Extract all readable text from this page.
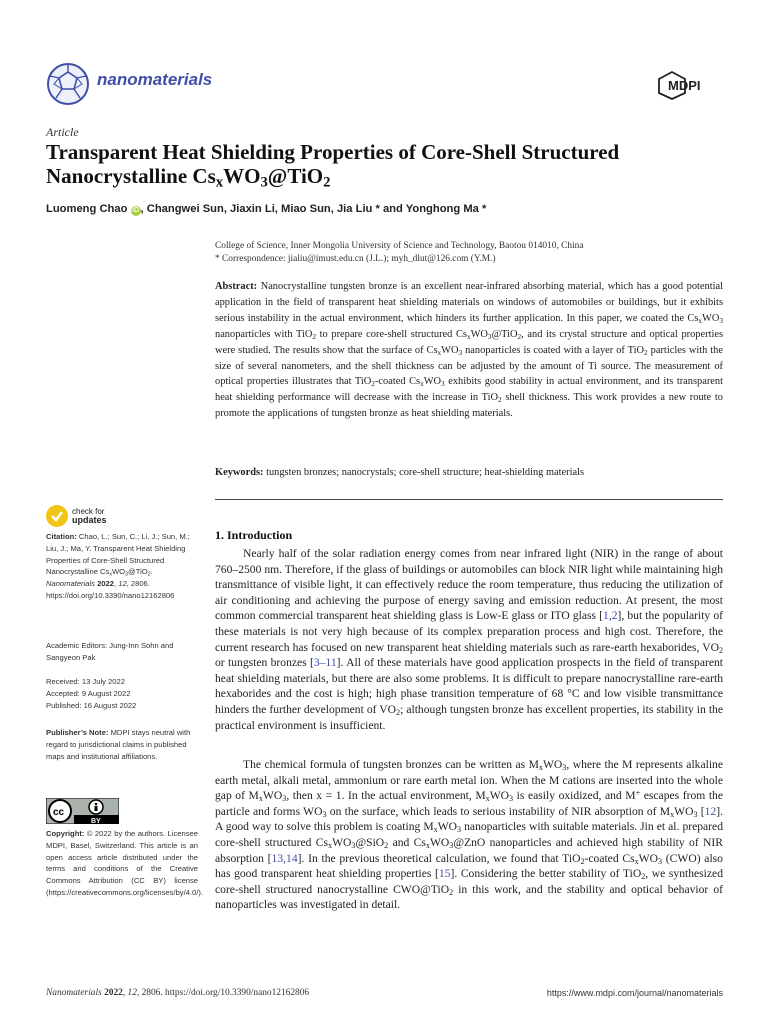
nanomaterials	MDPI
Article
Transparent Heat Shielding Properties of Core-Shell Structured
Nanocrystalline $Cs_xWO_3@TiO_2$
Luomeng Chao iD , Changwei Sun, Jiaxin Li, Miao Sun, Jia Liu * and Yonghong Ma *
College of Science, Inner Mongolia University of Science and Technology, Baotou 014010, China
* Correspondence: jialiu@imust.edu.cn (J.L.); myh_dlut@126.com (Y.M.)
Abstract: Nanocrystalline tungsten bronze is an excellent near-infrared absorbing material, which has a good potential application in the field of transparent heat shielding materials on windows of automobiles or buildings, but it exhibits serious instability in the actual environment, which hinders its further application. In this paper, we coated the $Cs_xWO_3$ nanoparticles with TiO$_2$ to prepare core-shell structured $Cs_xWO_3@TiO_2$, and its crystal structure and optical properties were studied. The results show that the surface of $Cs_xWO_3$ nanoparticles is coated with a layer of TiO$_2$ particles with the size of several nanometers, and the shell thickness can be adjusted by the amount of Ti source. The measurement of optical properties illustrates that TiO$_2$-coated $Cs_xWO_3$ exhibits good stability in actual environment, and its transparent heat shielding performance will decrease with the increase in TiO$_2$ shell thickness. This work provides a new route to promote the applications of tungsten bronze as heat shielding materials.
Keywords: tungsten bronzes; nanocrystals; core-shell structure; heat-shielding materials
check for
updates
Citation: Chao, L.; Sun, C.; Li, J.; Sun, M.; Liu, J.; Ma, Y. Transparent Heat Shielding Properties of Core-Shell Structured Nanocrystalline $Cs_xWO_3@TiO_2$. Nanomaterials 2022, 12, 2806. https://doi.org/10.3390/nano12162806
Academic Editors: Jung-Inn Sohn and Sangyeon Pak
Received: 13 July 2022
Accepted: 9 August 2022
Published: 16 August 2022
Publisher’s Note: MDPI stays neutral with regard to jurisdictional claims in published maps and institutional affiliations.
cc
BY
Copyright: © 2022 by the authors. Licensee MDPI, Basel, Switzerland. This article is an open access article distributed under the terms and conditions of the Creative Commons Attribution (CC BY) license (https://creativecommons.org/licenses/by/4.0/).
1. Introduction

Nearly half of the solar radiation energy comes from near infrared light (NIR) in the range of about 760–2500 nm. Therefore, if the glass of buildings or automobiles can block NIR light while maintaining high transmittance of visible light, it can effectively reduce the room temperature, thus reducing the utilization of air conditioning and achieving the purpose of energy saving and emission reduction. At present, the most common commercial transparent heat shielding glass is Low-E glass or ITO glass [1,2], but the popularity of these materials is not very high because of its complex preparation process and high cost. Therefore, the current research has focused on new transparent heat shielding materials such as rare-earth hexaborides, $VO_2$ or tungsten bronzes [3–11]. All of these materials have good application prospects in the field of transparent heat shielding materials, but there are also some problems. It is difficult to prepare nanocrystalline rare-earth hexaborides and the cost is high; high phase transition temperature of 68 °C and low visible transmittance hinders the further development of $VO_2$; although tungsten bronze has excellent properties, its stability in the practical environment is insufficient.

The chemical formula of tungsten bronzes can be written as $M_xWO_3$, where the M represents alkaline earth metal, alkali metal, ammonium or rare earth metal ion. When the M cations are inserted into the whole gap of $M_xWO_3$, then x = 1. In the actual environment, $M_xWO_3$ is easily oxidized, and M+ escapes from the particle and forms $WO_3$ on the surface, which leads to serious instability of NIR absorption of $M_xWO_3$ [12]. A good way to solve this problem is coating $M_xWO_3$ nanoparticles with suitable materials. Jin et al. prepared core-shell structured $Cs_xWO_3@SiO_2$ and $Cs_xWO_3@ZnO$ nanoparticles and achieved high stability of NIR absorption [13,14]. In the previous theoretical calculation, we found that TiO$_2$-coated $Cs_xWO_3$ (CWO) also has good transparent heat shielding properties [15]. Considering the better stability of TiO$_2$, we synthesized core-shell structured nanocrystalline CWO@TiO$_2$ in this work, and the stability and optical behavior of nanoparticles was investigated in detail.

Nanomaterials 2022, 12, 2806. https://doi.org/10.3390/nano12162806	https://www.mdpi.com/journal/nanomaterials
